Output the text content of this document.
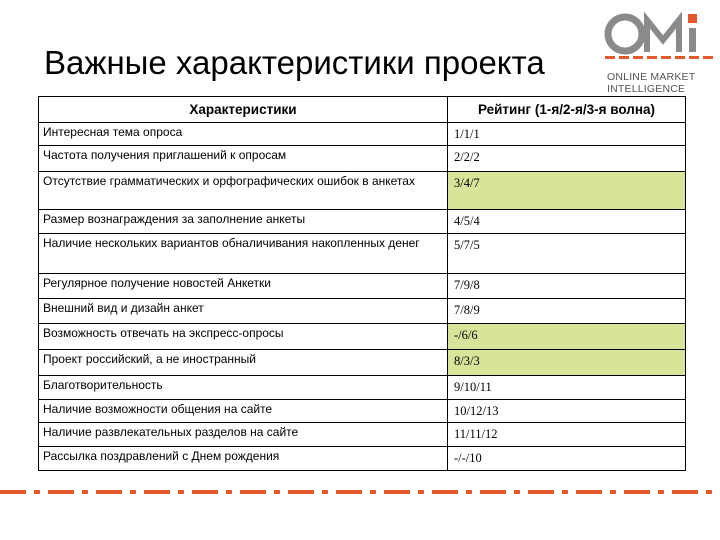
Важные характеристики проекта	ONLINE MARKET
INTELLIGENCE
Характеристики	Рейтинг (1-я/2-я/3-я волна)
Интересная тема опроса	1/1/1
Частота получения приглашений к опросам	2/2/2
Отсутствие грамматических и орфографических ошибок в анкетах	3/4/7
Размер вознаграждения за заполнение анкеты	4/5/4
Наличие нескольких вариантов обналичивания накопленных денег	5/7/5
Регулярное получение новостей Анкетки	7/9/8
Внешний вид и дизайн анкет	7/8/9
Возможность отвечать на экспресс-опросы	-/6/6
Проект российский, а не иностранный	8/3/3
Благотворительность	9/10/11
Наличие возможности общения на сайте	10/12/13
Наличие развлекательных разделов на сайте	11/11/12
Рассылка поздравлений с Днем рождения	-/-/10
